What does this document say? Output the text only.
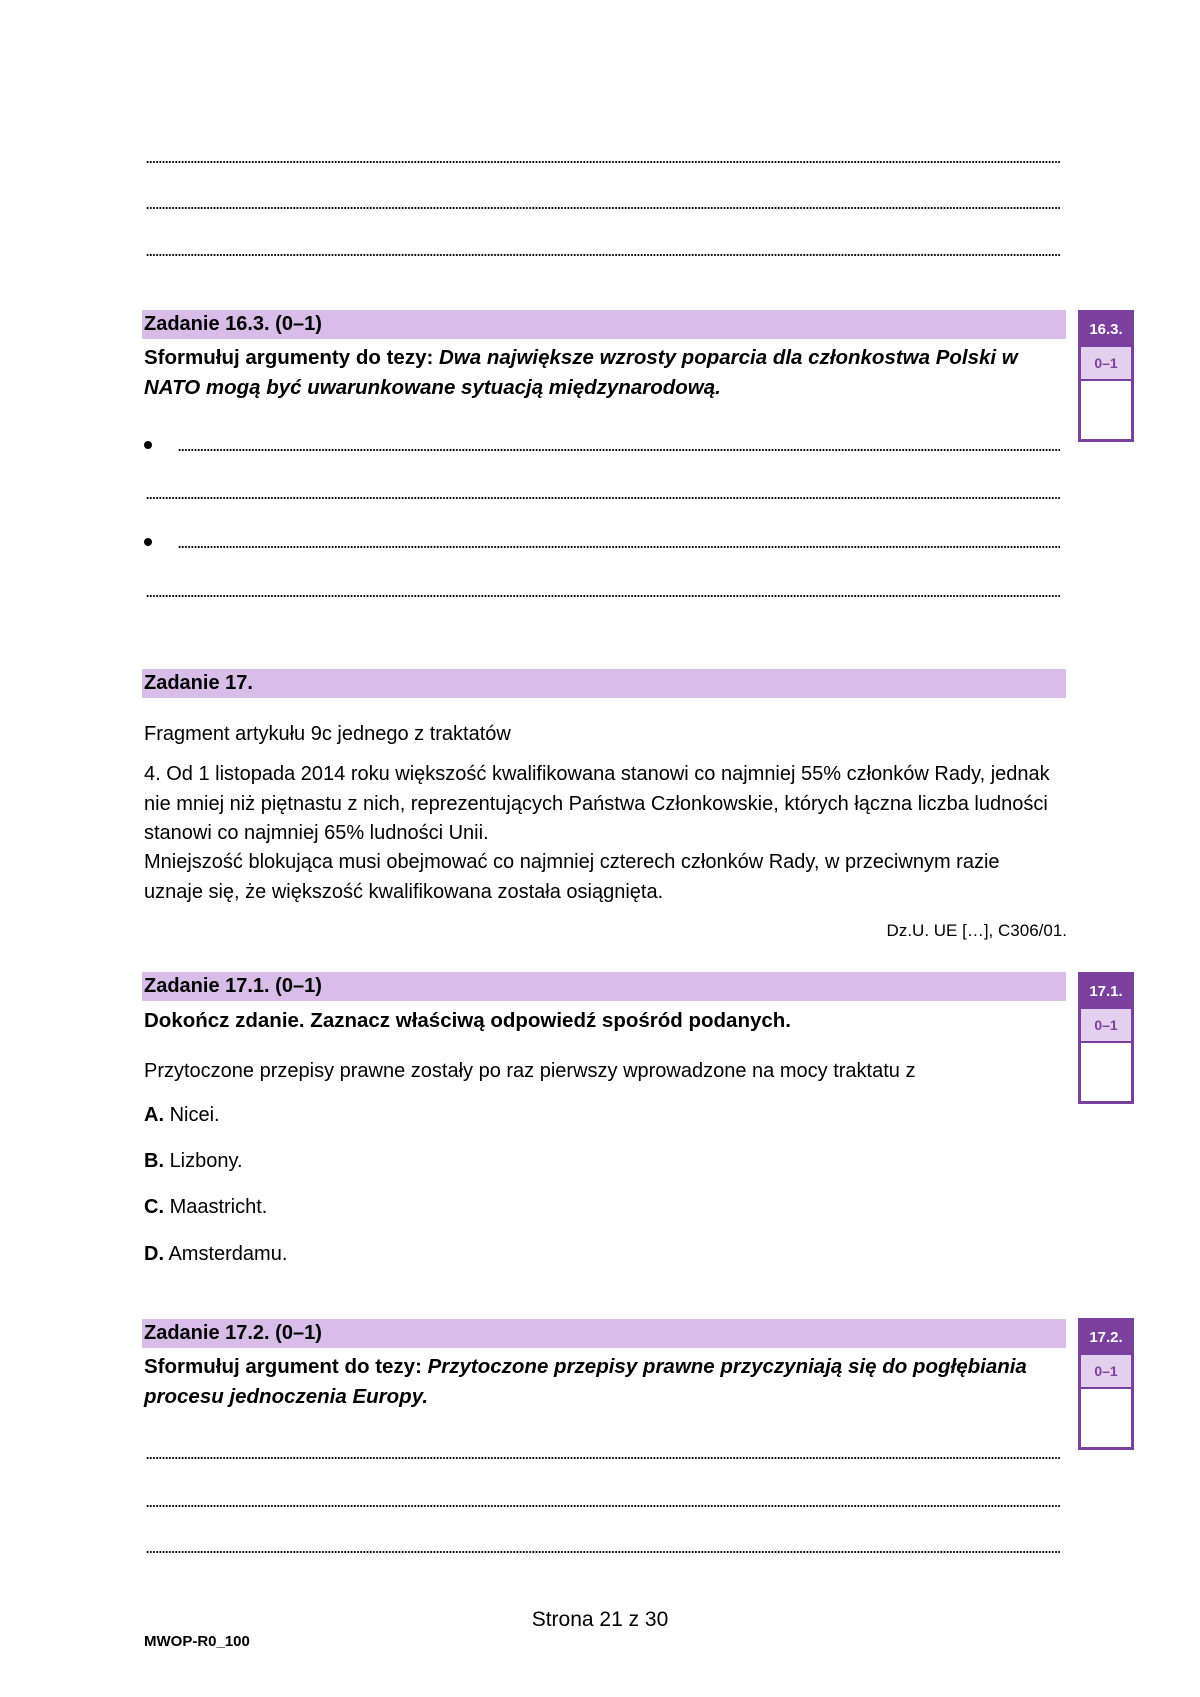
Zadanie 16.3. (0–1)
Sformułuj argumenty do tezy: Dwa największe wzrosty poparcia dla członkostwa Polski w NATO mogą być uwarunkowane sytuacją międzynarodową.
16.3.
0–1
Zadanie 17.
Fragment artykułu 9c jednego z traktatów
4. Od 1 listopada 2014 roku większość kwalifikowana stanowi co najmniej 55% członków Rady, jednak nie mniej niż piętnastu z nich, reprezentujących Państwa Członkowskie, których łączna liczba ludności stanowi co najmniej 65% ludności Unii.
Mniejszość blokująca musi obejmować co najmniej czterech członków Rady, w przeciwnym razie uznaje się, że większość kwalifikowana została osiągnięta.
Dz.U. UE […], C306/01.
Zadanie 17.1. (0–1)
Dokończ zdanie. Zaznacz właściwą odpowiedź spośród podanych.
17.1.
0–1
Przytoczone przepisy prawne zostały po raz pierwszy wprowadzone na mocy traktatu z
A. Nicei.
B. Lizbony.
C. Maastricht.
D. Amsterdamu.
Zadanie 17.2. (0–1)
Sformułuj argument do tezy: Przytoczone przepisy prawne przyczyniają się do pogłębiania procesu jednoczenia Europy.
17.2.
0–1
Strona 21 z 30
MWOP-R0_100
